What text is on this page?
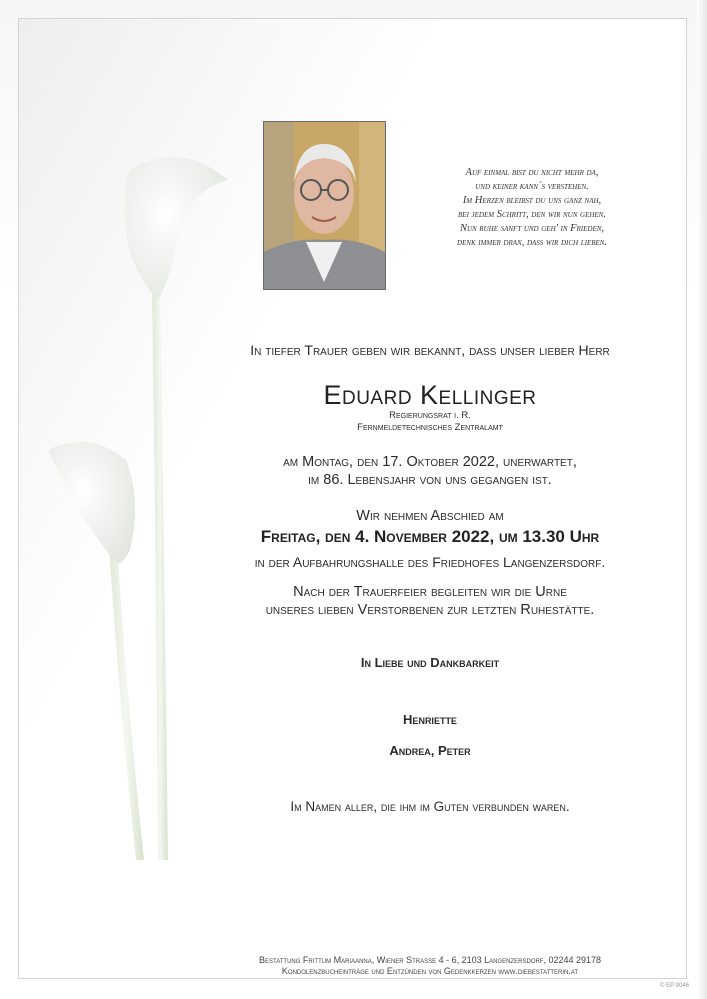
Auf einmal bist du nicht mehr da,
und keiner kann´s verstehen.
Im Herzen bleibst du uns ganz nah,
bei jedem Schritt, den wir nun gehen.
Nun ruhe sanft und geh' in Frieden,
denk immer dran, dass wir dich lieben.
In tiefer Trauer geben wir bekannt, dass unser lieber Herr
Eduard Kellinger
Regierungsrat i. R.
Fernmeldetechnisches Zentralamt
am Montag, den 17. Oktober 2022, unerwartet,
im 86. Lebensjahr von uns gegangen ist.
Wir nehmen Abschied am
Freitag, den 4. November 2022, um 13.30 Uhr
in der Aufbahrungshalle des Friedhofes Langenzersdorf.
Nach der Trauerfeier begleiten wir die Urne
unseres lieben Verstorbenen zur letzten Ruhestätte.
In Liebe und Dankbarkeit
Henriette
Andrea, Peter
Im Namen aller, die ihm im Guten verbunden waren.
Bestattung Frittum Mariaanna, Wiener Strasse 4 - 6, 2103 Langenzersdorf, 02244 29178
Kondolenzbucheinträge und Entzünden von Gedenkkerzen www.diebestatterin.at
© EP 9046
